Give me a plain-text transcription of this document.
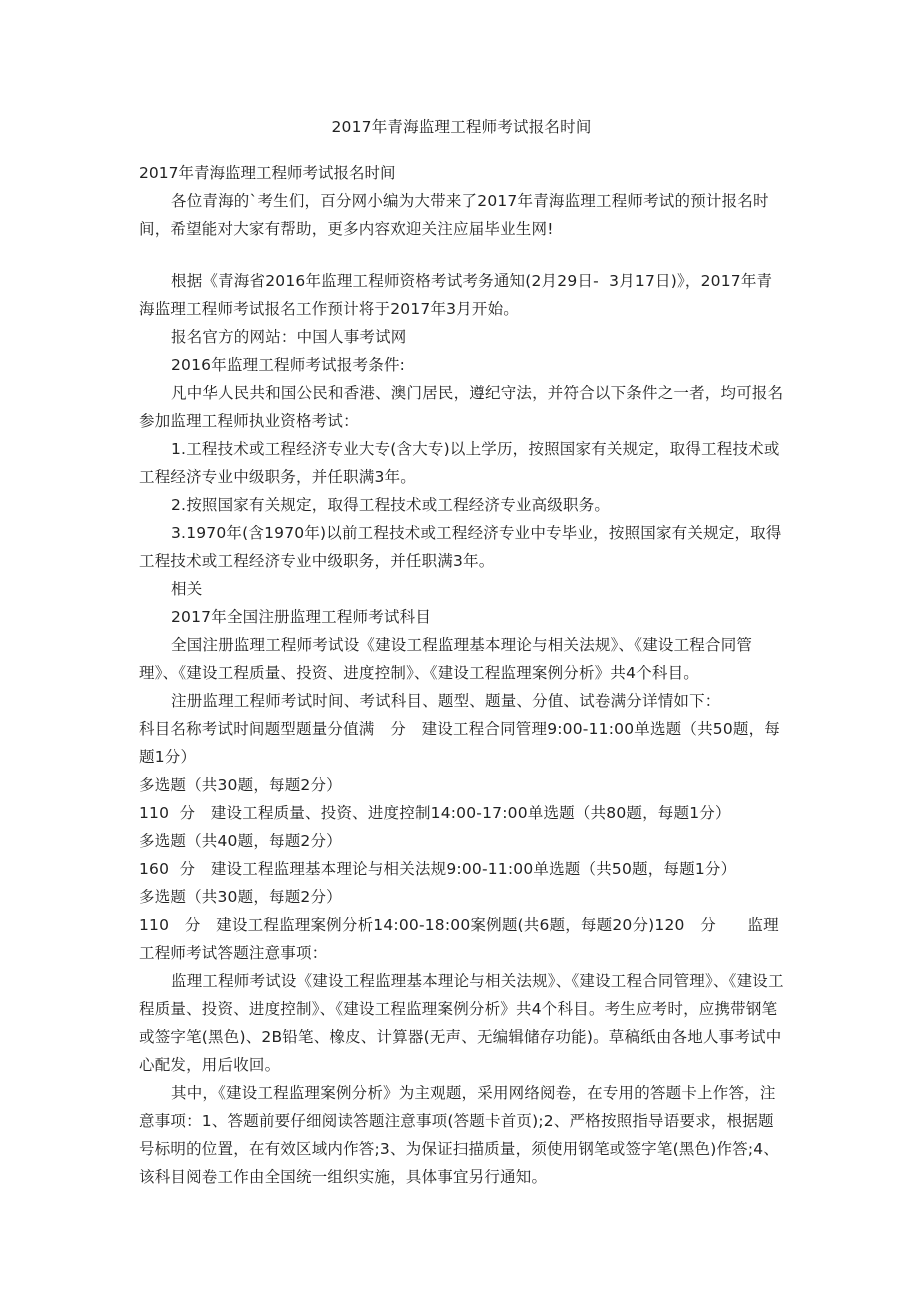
2017年青海监理工程师考试报名时间
2017年青海监理工程师考试报名时间

各位青海的`考生们，百分网小编为大带来了2017年青海监理工程师考试的预计报名时间，希望能对大家有帮助，更多内容欢迎关注应届毕业生网!

根据《青海省2016年监理工程师资格考试考务通知(2月29日-  3月17日)》，2017年青海监理工程师考试报名工作预计将于2017年3月开始。

报名官方的网站：中国人事考试网

2016年监理工程师考试报考条件:

凡中华人民共和国公民和香港、澳门居民，遵纪守法，并符合以下条件之一者，均可报名参加监理工程师执业资格考试：

1.工程技术或工程经济专业大专(含大专)以上学历，按照国家有关规定，取得工程技术或工程经济专业中级职务，并任职满3年。

2.按照国家有关规定，取得工程技术或工程经济专业高级职务。

3.1970年(含1970年)以前工程技术或工程经济专业中专毕业，按照国家有关规定，取得工程技术或工程经济专业中级职务，并任职满3年。

相关

2017年全国注册监理工程师考试科目

全国注册监理工程师考试设《建设工程监理基本理论与相关法规》、《建设工程合同管理》、《建设工程质量、投资、进度控制》、《建设工程监理案例分析》共4个科目。

注册监理工程师考试时间、考试科目、题型、题量、分值、试卷满分详情如下：

科目名称考试时间题型题量分值满　分　建设工程合同管理9:00-11:00单选题（共50题，每题1分）

多选题（共30题，每题2分）

110  分　建设工程质量、投资、进度控制14:00-17:00单选题（共80题，每题1分）

多选题（共40题，每题2分）

160  分　建设工程监理基本理论与相关法规9:00-11:00单选题（共50题，每题1分）

多选题（共30题，每题2分）

110　分　建设工程监理案例分析14:00-18:00案例题(共6题，每题20分)120　分　　监理工程师考试答题注意事项：

监理工程师考试设《建设工程监理基本理论与相关法规》、《建设工程合同管理》、《建设工程质量、投资、进度控制》、《建设工程监理案例分析》共4个科目。考生应考时，应携带钢笔或签字笔(黑色)、2B铅笔、橡皮、计算器(无声、无编辑储存功能)。草稿纸由各地人事考试中心配发，用后收回。

其中，《建设工程监理案例分析》为主观题，采用网络阅卷，在专用的答题卡上作答，注意事项：1、答题前要仔细阅读答题注意事项(答题卡首页);2、严格按照指导语要求，根据题号标明的位置，在有效区域内作答;3、为保证扫描质量，须使用钢笔或签字笔(黑色)作答;4、该科目阅卷工作由全国统一组织实施，具体事宜另行通知。
